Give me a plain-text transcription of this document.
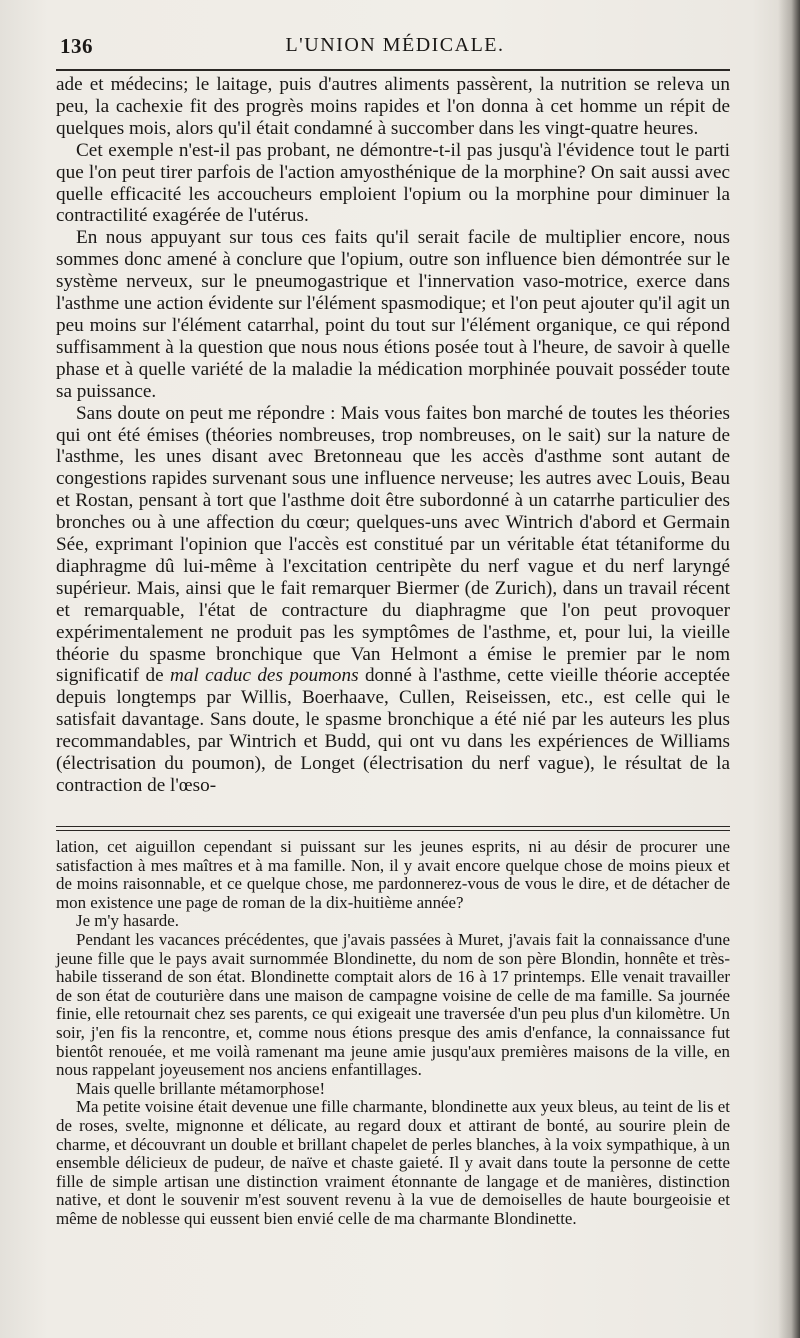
136	L'UNION MÉDICALE.

ade et médecins; le laitage, puis d'autres aliments passèrent, la nutrition se releva un peu, la cachexie fit des progrès moins rapides et l'on donna à cet homme un répit de quelques mois, alors qu'il était condamné à succomber dans les vingt-quatre heures.

Cet exemple n'est-il pas probant, ne démontre-t-il pas jusqu'à l'évidence tout le parti que l'on peut tirer parfois de l'action amyosthénique de la morphine? On sait aussi avec quelle efficacité les accoucheurs emploient l'opium ou la morphine pour diminuer la contractilité exagérée de l'utérus.

En nous appuyant sur tous ces faits qu'il serait facile de multiplier encore, nous sommes donc amené à conclure que l'opium, outre son influence bien démontrée sur le système nerveux, sur le pneumogastrique et l'innervation vaso-motrice, exerce dans l'asthme une action évidente sur l'élément spasmodique; et l'on peut ajouter qu'il agit un peu moins sur l'élément catarrhal, point du tout sur l'élément organique, ce qui répond suffisamment à la question que nous nous étions posée tout à l'heure, de savoir à quelle phase et à quelle variété de la maladie la médication morphinée pouvait posséder toute sa puissance.

Sans doute on peut me répondre : Mais vous faites bon marché de toutes les théories qui ont été émises (théories nombreuses, trop nombreuses, on le sait) sur la nature de l'asthme, les unes disant avec Bretonneau que les accès d'asthme sont autant de congestions rapides survenant sous une influence nerveuse; les autres avec Louis, Beau et Rostan, pensant à tort que l'asthme doit être subordonné à un catarrhe particulier des bronches ou à une affection du cœur; quelques-uns avec Wintrich d'abord et Germain Sée, exprimant l'opinion que l'accès est constitué par un véritable état tétaniforme du diaphragme dû lui-même à l'excitation centripète du nerf vague et du nerf laryngé supérieur. Mais, ainsi que le fait remarquer Biermer (de Zurich), dans un travail récent et remarquable, l'état de contracture du diaphragme que l'on peut provoquer expérimentalement ne produit pas les symptômes de l'asthme, et, pour lui, la vieille théorie du spasme bronchique que Van Helmont a émise le premier par le nom significatif de mal caduc des poumons donné à l'asthme, cette vieille théorie acceptée depuis longtemps par Willis, Boerhaave, Cullen, Reiseissen, etc., est celle qui le satisfait davantage. Sans doute, le spasme bronchique a été nié par les auteurs les plus recommandables, par Wintrich et Budd, qui ont vu dans les expériences de Williams (électrisation du poumon), de Longet (électrisation du nerf vague), le résultat de la contraction de l'œso-

lation, cet aiguillon cependant si puissant sur les jeunes esprits, ni au désir de procurer une satisfaction à mes maîtres et à ma famille. Non, il y avait encore quelque chose de moins pieux et de moins raisonnable, et ce quelque chose, me pardonnerez-vous de vous le dire, et de détacher de mon existence une page de roman de la dix-huitième année?

Je m'y hasarde.

Pendant les vacances précédentes, que j'avais passées à Muret, j'avais fait la connaissance d'une jeune fille que le pays avait surnommée Blondinette, du nom de son père Blondin, honnête et très-habile tisserand de son état. Blondinette comptait alors de 16 à 17 printemps. Elle venait travailler de son état de couturière dans une maison de campagne voisine de celle de ma famille. Sa journée finie, elle retournait chez ses parents, ce qui exigeait une traversée d'un peu plus d'un kilomètre. Un soir, j'en fis la rencontre, et, comme nous étions presque des amis d'enfance, la connaissance fut bientôt renouée, et me voilà ramenant ma jeune amie jusqu'aux premières maisons de la ville, en nous rappelant joyeusement nos anciens enfantillages.

Mais quelle brillante métamorphose!

Ma petite voisine était devenue une fille charmante, blondinette aux yeux bleus, au teint de lis et de roses, svelte, mignonne et délicate, au regard doux et attirant de bonté, au sourire plein de charme, et découvrant un double et brillant chapelet de perles blanches, à la voix sympathique, à un ensemble délicieux de pudeur, de naïve et chaste gaieté. Il y avait dans toute la personne de cette fille de simple artisan une distinction vraiment étonnante de langage et de manières, distinction native, et dont le souvenir m'est souvent revenu à la vue de demoiselles de haute bourgeoisie et même de noblesse qui eussent bien envié celle de ma charmante Blondinette.
